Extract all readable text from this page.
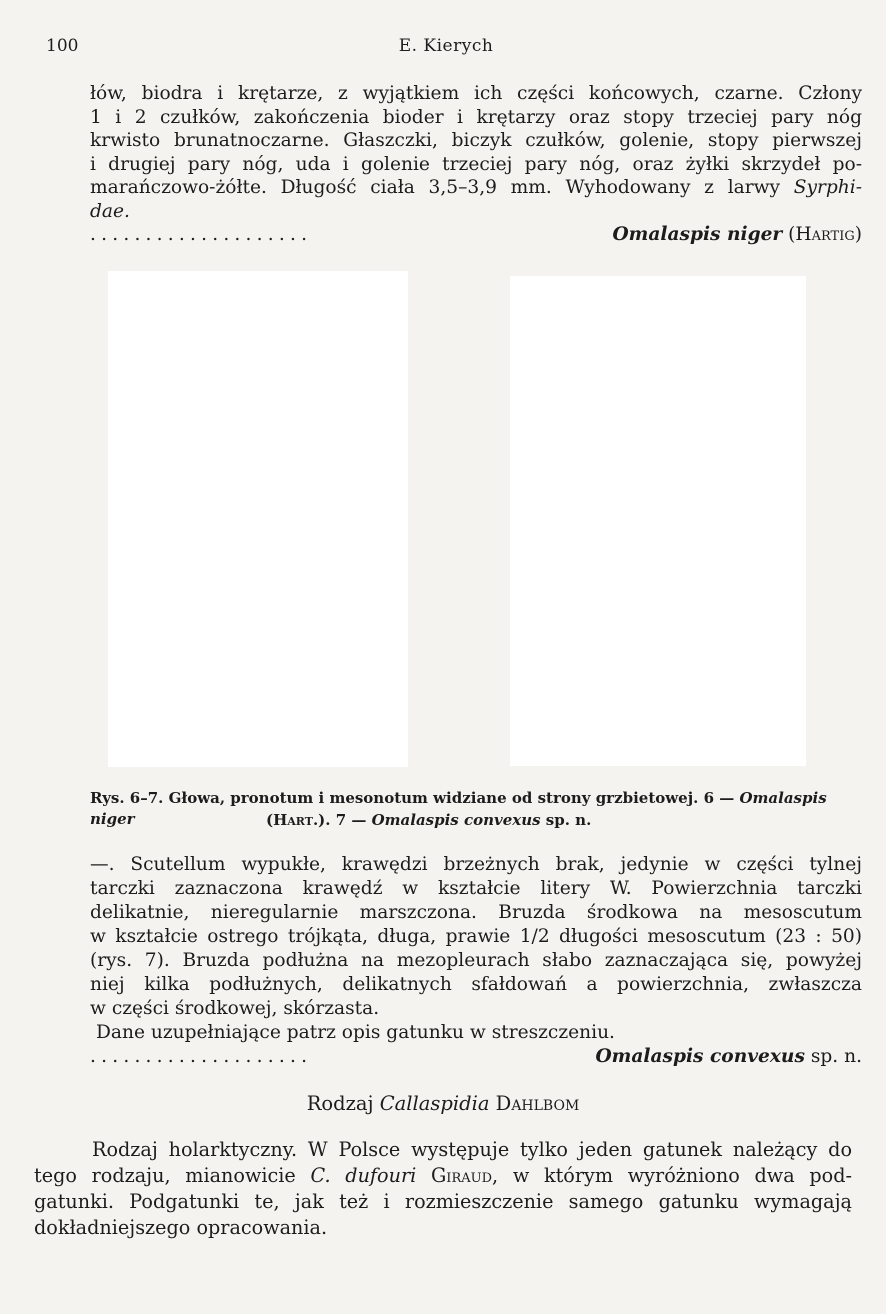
100	E. Kierych
łów, biodra i krętarze, z wyjątkiem ich części końcowych, czarne. Człony
1 i 2 czułków, zakończenia bioder i krętarzy oraz stopy trzeciej pary nóg
krwisto brunatnoczarne. Głaszczki, biczyk czułków, golenie, stopy pierwszej
i drugiej pary nóg, uda i golenie trzeciej pary nóg, oraz żyłki skrzydeł po-
marańczowo-żółte. Długość ciała 3,5–3,9 mm. Wyhodowany z larwy Syrphi-
dae.
....................	Omalaspis niger (Hartig)
Rys. 6–7. Głowa, pronotum i mesonotum widziane od strony grzbietowej. 6 — Omalaspis niger	(Hart.). 7 — Omalaspis convexus sp. n.
—. Scutellum wypukłe, krawędzi brzeżnych brak, jedynie w części tylnej
tarczki zaznaczona krawędź w kształcie litery W. Powierzchnia tarczki
delikatnie, nieregularnie marszczona. Bruzda środkowa na mesoscutum
w kształcie ostrego trójkąta, długa, prawie 1/2 długości mesoscutum (23 : 50)
(rys. 7). Bruzda podłużna na mezopleurach słabo zaznaczająca się, powyżej
niej kilka podłużnych, delikatnych sfałdowań a powierzchnia, zwłaszcza
w części środkowej, skórzasta.
Dane uzupełniające patrz opis gatunku w streszczeniu.
....................	Omalaspis convexus sp. n.
Rodzaj Callaspidia Dahlbom
Rodzaj holarktyczny. W Polsce występuje tylko jeden gatunek należący do
tego rodzaju, mianowicie C. dufouri Giraud, w którym wyróżniono dwa pod-
gatunki. Podgatunki te, jak też i rozmieszczenie samego gatunku wymagają
dokładniejszego opracowania.
